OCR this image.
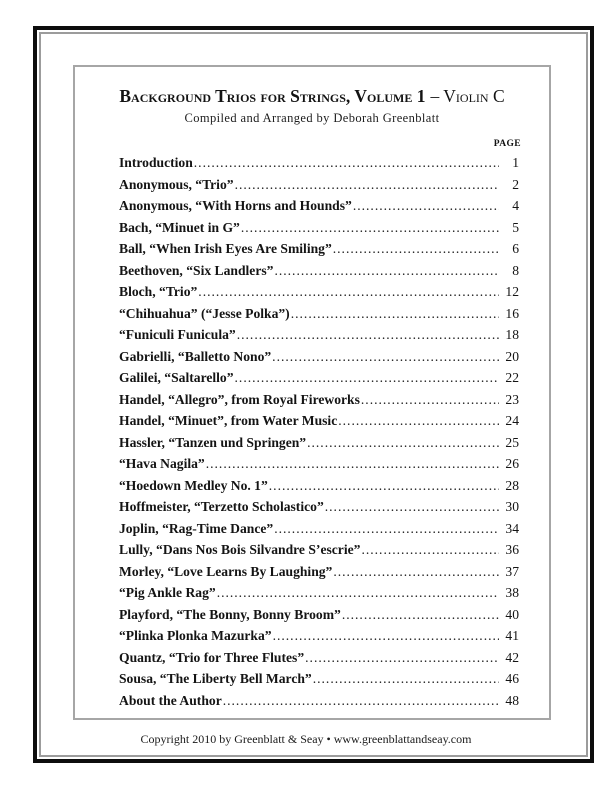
Background Trios for Strings, Volume 1 – Violin C
Compiled and Arranged by Deborah Greenblatt
PAGE
Introduction .....	1
Anonymous, “Trio” .....	2
Anonymous, “With Horns and Hounds” .....	4
Bach, “Minuet in G” .....	5
Ball, “When Irish Eyes Are Smiling” .....	6
Beethoven, “Six Landlers” .....	8
Bloch, “Trio” .....	12
“Chihuahua” (“Jesse Polka”) .....	16
“Funiculi Funicula” .....	18
Gabrielli, “Balletto Nono” .....	20
Galilei, “Saltarello” .....	22
Handel, “Allegro”, from Royal Fireworks .....	23
Handel, “Minuet”, from Water Music .....	24
Hassler, “Tanzen und Springen” .....	25
“Hava Nagila” .....	26
“Hoedown Medley No. 1” .....	28
Hoffmeister, “Terzetto Scholastico” .....	30
Joplin, “Rag-Time Dance” .....	34
Lully, “Dans Nos Bois Silvandre S’escrie” .....	36
Morley, “Love Learns By Laughing” .....	37
“Pig Ankle Rag” .....	38
Playford, “The Bonny, Bonny Broom” .....	40
“Plinka Plonka Mazurka” .....	41
Quantz, “Trio for Three Flutes” .....	42
Sousa, “The Liberty Bell March” .....	46
About the Author .....	48
Copyright 2010 by Greenblatt & Seay • www.greenblattandseay.com
